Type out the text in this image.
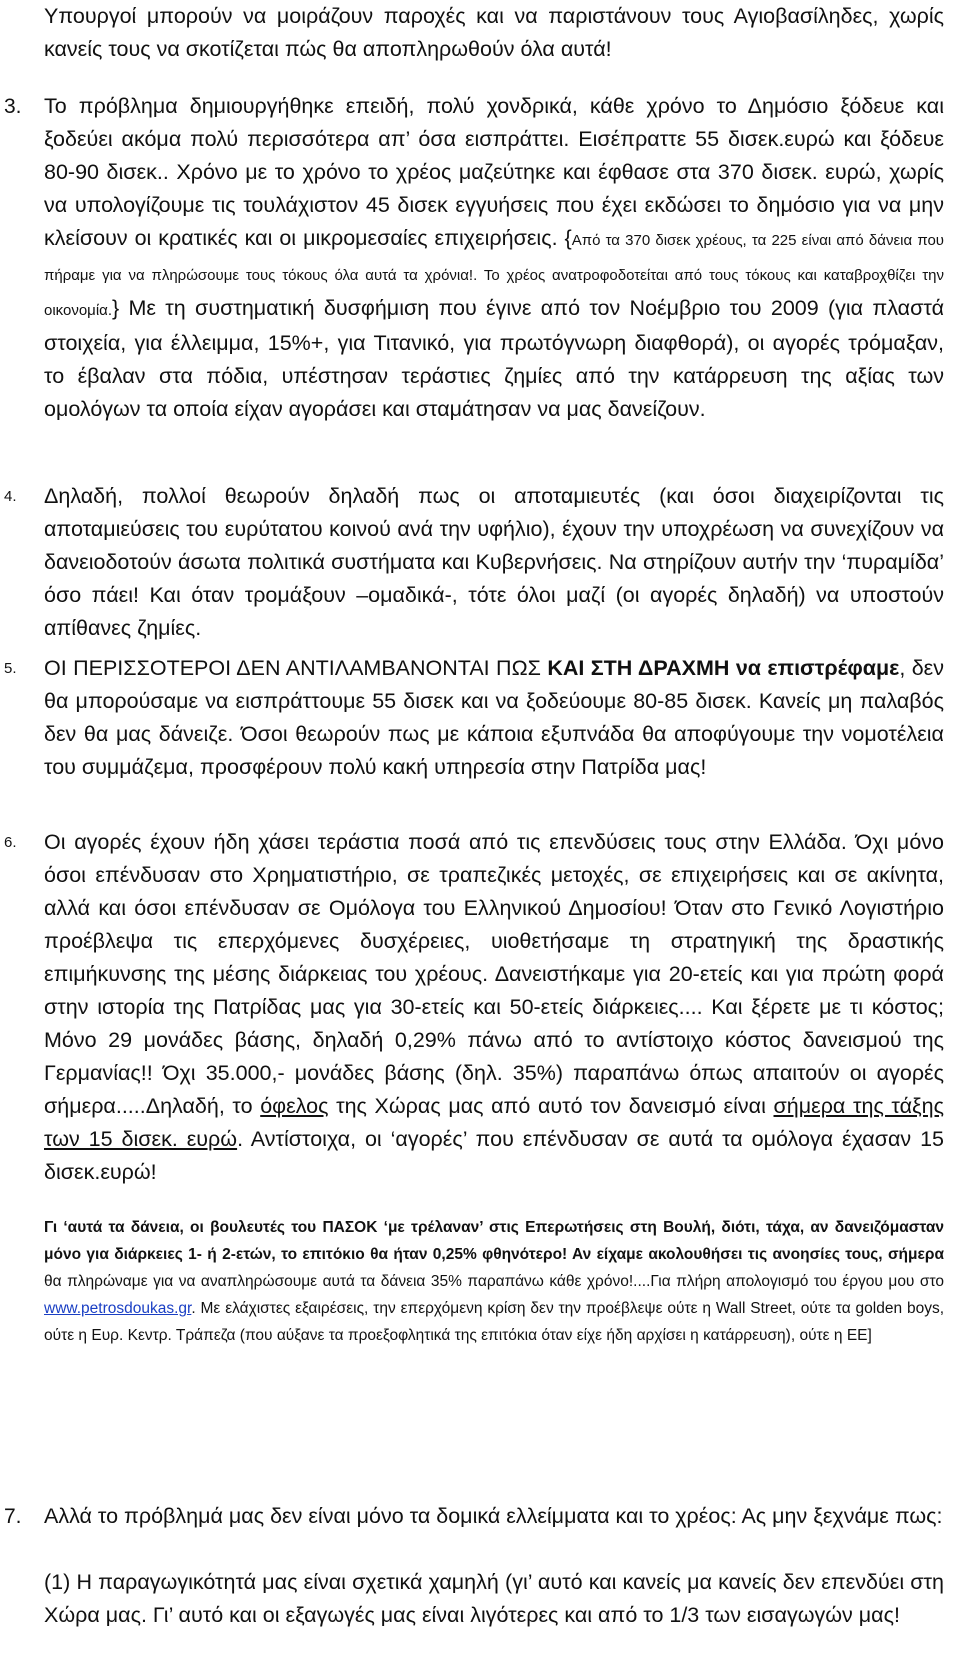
Υπουργοί μπορούν να μοιράζουν παροχές και να παριστάνουν τους Αγιοβασίληδες, χωρίς κανείς τους να σκοτίζεται πώς θα αποπληρωθούν όλα αυτά!

3. Το πρόβλημα δημιουργήθηκε επειδή, πολύ χονδρικά, κάθε χρόνο το Δημόσιο ξόδευε και ξοδεύει ακόμα πολύ περισσότερα απ’ όσα εισπράττει. Εισέπραττε 55 δισεκ.ευρώ και ξόδευε 80-90 δισεκ.. Χρόνο με το χρόνο το χρέος μαζεύτηκε και έφθασε στα 370 δισεκ. ευρώ, χωρίς να υπολογίζουμε τις τουλάχιστον 45 δισεκ εγγυήσεις που έχει εκδώσει το δημόσιο για να μην κλείσουν οι κρατικές και οι μικρομεσαίες επιχειρήσεις. {Από τα 370 δισεκ χρέους, τα 225 είναι από δάνεια που πήραμε για να πληρώσουμε τους τόκους όλα αυτά τα χρόνια!. Το χρέος ανατροφοδοτείται από τους τόκους και καταβροχθίζει την οικονομία.} Με τη συστηματική δυσφήμιση που έγινε από τον Νοέμβριο του 2009 (για πλαστά στοιχεία, για έλλειμμα, 15%+, για Τιτανικό, για πρωτόγνωρη διαφθορά), οι αγορές τρόμαξαν, το έβαλαν στα πόδια, υπέστησαν τεράστιες ζημίες από την κατάρρευση της αξίας των ομολόγων τα οποία είχαν αγοράσει και σταμάτησαν να μας δανείζουν.

4. Δηλαδή, πολλοί θεωρούν δηλαδή πως οι αποταμιευτές (και όσοι διαχειρίζονται τις αποταμιεύσεις του ευρύτατου κοινού ανά την υφήλιο), έχουν την υποχρέωση να συνεχίζουν να δανειοδοτούν άσωτα πολιτικά συστήματα και Κυβερνήσεις. Να στηρίζουν αυτήν την ‘πυραμίδα’ όσο πάει! Και όταν τρομάξουν –ομαδικά-, τότε όλοι μαζί (οι αγορές δηλαδή) να υποστούν απίθανες ζημίες.

5. ΟΙ ΠΕΡΙΣΣΟΤΕΡΟΙ ΔΕΝ ΑΝΤΙΛΑΜΒΑΝΟΝΤΑΙ ΠΩΣ ΚΑΙ ΣΤΗ ΔΡΑΧΜΗ να επιστρέφαμε, δεν θα μπορούσαμε να εισπράττουμε 55 δισεκ και να ξοδεύουμε 80-85 δισεκ. Κανείς μη παλαβός δεν θα μας δάνειζε. Όσοι θεωρούν πως με κάποια εξυπνάδα θα αποφύγουμε την νομοτέλεια του συμμάζεμα, προσφέρουν πολύ κακή υπηρεσία στην Πατρίδα μας!

6. Οι αγορές έχουν ήδη χάσει τεράστια ποσά από τις επενδύσεις τους στην Ελλάδα. Όχι μόνο όσοι επένδυσαν στο Χρηματιστήριο, σε τραπεζικές μετοχές, σε επιχειρήσεις και σε ακίνητα, αλλά και όσοι επένδυσαν σε Ομόλογα του Ελληνικού Δημοσίου! Όταν στο Γενικό Λογιστήριο προέβλεψα τις επερχόμενες δυσχέρειες, υιοθετήσαμε τη στρατηγική της δραστικής επιμήκυνσης της μέσης διάρκειας του χρέους. Δανειστήκαμε για 20-ετείς και για πρώτη φορά στην ιστορία της Πατρίδας μας για 30-ετείς και 50-ετείς διάρκειες.... Και ξέρετε με τι κόστος; Μόνο 29 μονάδες βάσης, δηλαδή 0,29% πάνω από το αντίστοιχο κόστος δανεισμού της Γερμανίας!! Όχι 35.000,- μονάδες βάσης (δηλ. 35%) παραπάνω όπως απαιτούν οι αγορές σήμερα.....Δηλαδή, το όφελος της Χώρας μας από αυτό τον δανεισμό είναι σήμερα της τάξης των 15 δισεκ. ευρώ. Αντίστοιχα, οι ‘αγορές’ που επένδυσαν σε αυτά τα ομόλογα έχασαν 15 δισεκ.ευρώ!

Γι ‘αυτά τα δάνεια, οι βουλευτές του ΠΑΣΟΚ ‘με τρέλαναν’ στις Επερωτήσεις στη Βουλή, διότι, τάχα, αν δανειζόμασταν μόνο για διάρκειες 1- ή 2-ετών, το επιτόκιο θα ήταν 0,25% φθηνότερο! Αν είχαμε ακολουθήσει τις ανοησίες τους, σήμερα θα πληρώναμε για να αναπληρώσουμε αυτά τα δάνεια 35% παραπάνω κάθε χρόνο!....Για πλήρη απολογισμό του έργου μου στο www.petrosdoukas.gr. Με ελάχιστες εξαιρέσεις, την επερχόμενη κρίση δεν την προέβλεψε ούτε η Wall Street, ούτε τα golden boys, ούτε η Ευρ. Κεντρ. Τράπεζα (που αύξανε τα προεξοφλητικά της επιτόκια όταν είχε ήδη αρχίσει η κατάρρευση), ούτε η ΕΕ]

7. Αλλά το πρόβλημά μας δεν είναι μόνο τα δομικά ελλείμματα και το χρέος: Ας μην ξεχνάμε πως:

(1) Η παραγωγικότητά μας είναι σχετικά χαμηλή (γι’ αυτό και κανείς μα κανείς δεν επενδύει στη Χώρα μας. Γι’ αυτό και οι εξαγωγές μας είναι λιγότερες και από το 1/3 των εισαγωγών μας!
